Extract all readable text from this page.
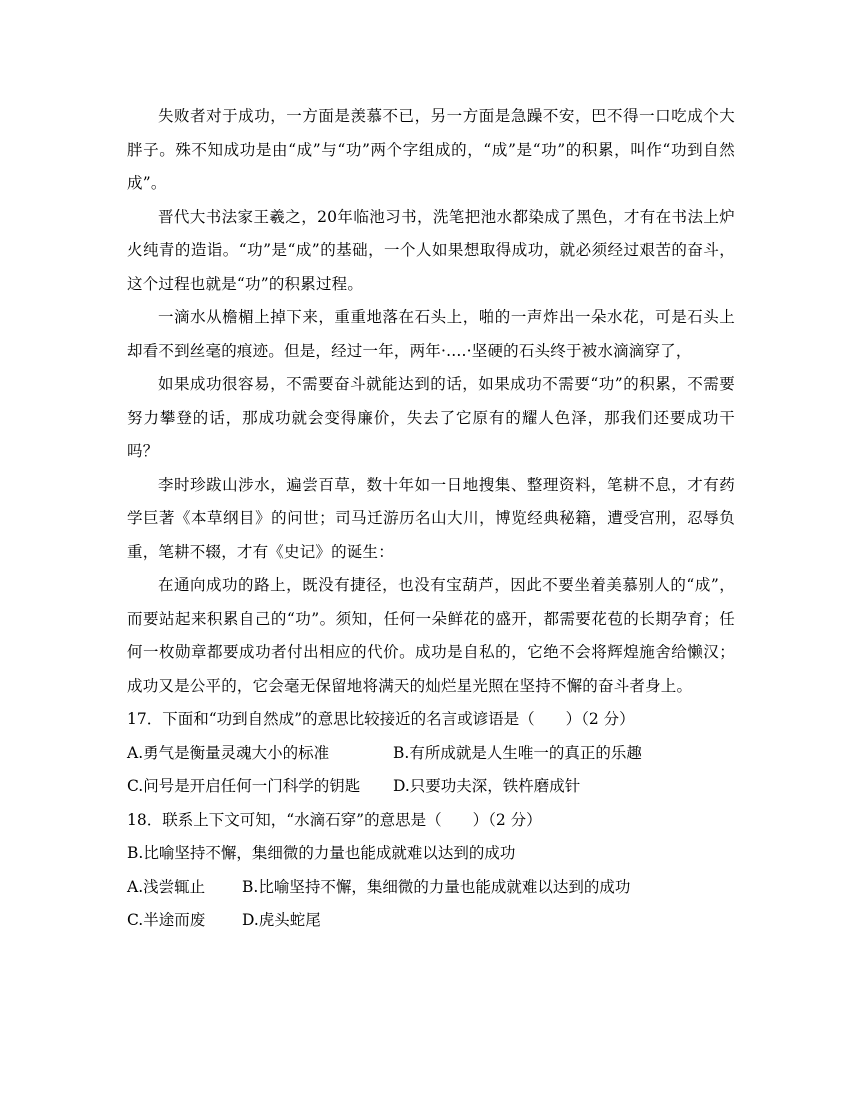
失败者对于成功，一方面是羡慕不已，另一方面是急躁不安，巴不得一口吃成个大胖子。殊不知成功是由“成”与“功”两个字组成的，“成”是“功”的积累，叫作“功到自然成”。

晋代大书法家王羲之，20年临池习书，洗笔把池水都染成了黑色，才有在书法上炉火纯青的造诣。“功”是“成”的基础，一个人如果想取得成功，就必须经过艰苦的奋斗，这个过程也就是“功”的积累过程。

一滴水从檐楣上掉下来，重重地落在石头上，啪的一声炸出一朵水花，可是石头上却看不到丝毫的痕迹。但是，经过一年，两年·....·坚硬的石头终于被水滴滴穿了，

如果成功很容易，不需要奋斗就能达到的话，如果成功不需要“功”的积累，不需要努力攀登的话，那成功就会变得廉价，失去了它原有的耀人色泽，那我们还要成功干吗？

李时珍跋山涉水，遍尝百草，数十年如一日地搜集、整理资料，笔耕不息，才有药学巨著《本草纲目》的问世；司马迁游历名山大川，博览经典秘籍，遭受宫刑，忍辱负重，笔耕不辍，才有《史记》的诞生：

在通向成功的路上，既没有捷径，也没有宝葫芦，因此不要坐着美慕别人的“成”，而要站起来积累自己的“功”。须知，任何一朵鲜花的盛开，都需要花苞的长期孕育；任何一枚勋章都要成功者付出相应的代价。成功是自私的，它绝不会将辉煌施舍给懒汉；成功又是公平的，它会毫无保留地将满天的灿烂星光照在坚持不懈的奋斗者身上。

17．下面和“功到自然成”的意思比较接近的名言或谚语是（　　）（2 分）

A.勇气是衡量灵魂大小的标准	B.有所成就是人生唯一的真正的乐趣

C.问号是开启任何一门科学的钥匙 D.只要功夫深，铁杵磨成针

18．联系上下文可知，“水滴石穿”的意思是（　　）（2 分）

B.比喻坚持不懈，集细微的力量也能成就难以达到的成功

A.浅尝辄止 B.比喻坚持不懈，集细微的力量也能成就难以达到的成功

C.半途而废 D.虎头蛇尾
